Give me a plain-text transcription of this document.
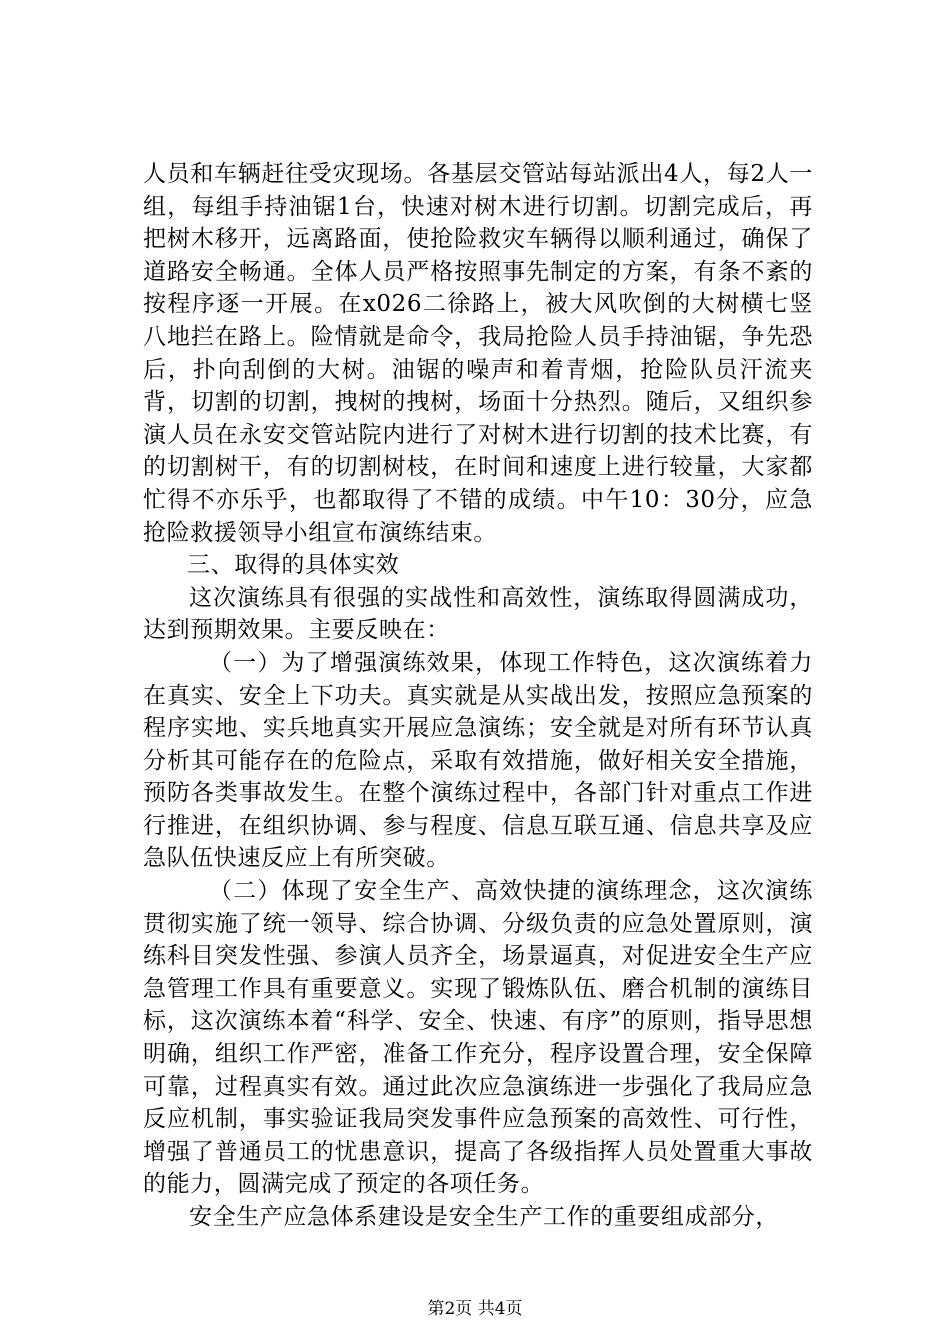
人员和车辆赶往受灾现场。各基层交管站每站派出4人，每2人一组，每组手持油锯1台，快速对树木进行切割。切割完成后，再把树木移开，远离路面，使抢险救灾车辆得以顺利通过，确保了道路安全畅通。全体人员严格按照事先制定的方案，有条不紊的按程序逐一开展。在x026二徐路上，被大风吹倒的大树横七竖八地拦在路上。险情就是命令，我局抢险人员手持油锯，争先恐后，扑向刮倒的大树。油锯的噪声和着青烟，抢险队员汗流夹背，切割的切割，拽树的拽树，场面十分热烈。随后，又组织参演人员在永安交管站院内进行了对树木进行切割的技术比赛，有的切割树干，有的切割树枝，在时间和速度上进行较量，大家都忙得不亦乐乎，也都取得了不错的成绩。中午10：30分，应急抢险救援领导小组宣布演练结束。

三、取得的具体实效

这次演练具有很强的实战性和高效性，演练取得圆满成功，达到预期效果。主要反映在：

（一）为了增强演练效果，体现工作特色，这次演练着力在真实、安全上下功夫。真实就是从实战出发，按照应急预案的程序实地、实兵地真实开展应急演练；安全就是对所有环节认真分析其可能存在的危险点，采取有效措施，做好相关安全措施，预防各类事故发生。在整个演练过程中，各部门针对重点工作进行推进，在组织协调、参与程度、信息互联互通、信息共享及应急队伍快速反应上有所突破。

（二）体现了安全生产、高效快捷的演练理念，这次演练贯彻实施了统一领导、综合协调、分级负责的应急处置原则，演练科目突发性强、参演人员齐全，场景逼真，对促进安全生产应急管理工作具有重要意义。实现了锻炼队伍、磨合机制的演练目标，这次演练本着“科学、安全、快速、有序”的原则，指导思想明确，组织工作严密，准备工作充分，程序设置合理，安全保障可靠，过程真实有效。通过此次应急演练进一步强化了我局应急反应机制，事实验证我局突发事件应急预案的高效性、可行性，增强了普通员工的忧患意识，提高了各级指挥人员处置重大事故的能力，圆满完成了预定的各项任务。

安全生产应急体系建设是安全生产工作的重要组成部分，

第2页 共4页
